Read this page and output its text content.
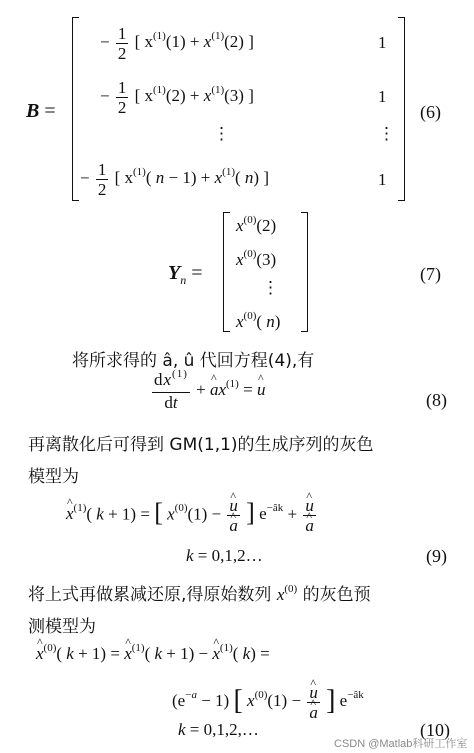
B =
− $\frac{1}{2}$ [ $x^{(1)}(1) + x^{(1)}(2)$ ]	1
− $\frac{1}{2}$ [ $x^{(1)}(2) + x^{(1)}(3)$ ]	1
⋮	⋮
− $\frac{1}{2}$ [ $x^{(1)}$( $n - 1) + x^{(1)}$( n) ]	1
(6)
$Y_n$ =
$x^{(0)}(2)$
$x^{(0)}(3)$
⋮
$x^{(0)}$( n)
(7)
将所求得的 â, û 代回方程(4),有
$\frac{dx^{(1)}}{dt}$ + ^ $ax^{(1)}$ = ^ u
(8)
再离散化后可得到 GM(1,1)的生成序列的灰色
模型为
^ $x^{(1)}$( k + 1) = [ $x^{(0)}(1)$ − ^ u
^ a ] $e^{-âk}$ + ^ u
^ a
k = 0,1,2…	(9)
将上式再做累减还原,得原始数列 $x^{(0)}$ 的灰色预
测模型为
^ $x^{(0)}$( k + 1) = ^ $x^{(1)}$( k + 1) − ^ $x^{(1)}$( k) =
$(e^{-a} - 1)$ [ $x^{(0)}(1)$ − ^ u
^ a ] $e^{-âk}$
k = 0,1,2,…	(10)
CSDN @Matlab科研工作室
